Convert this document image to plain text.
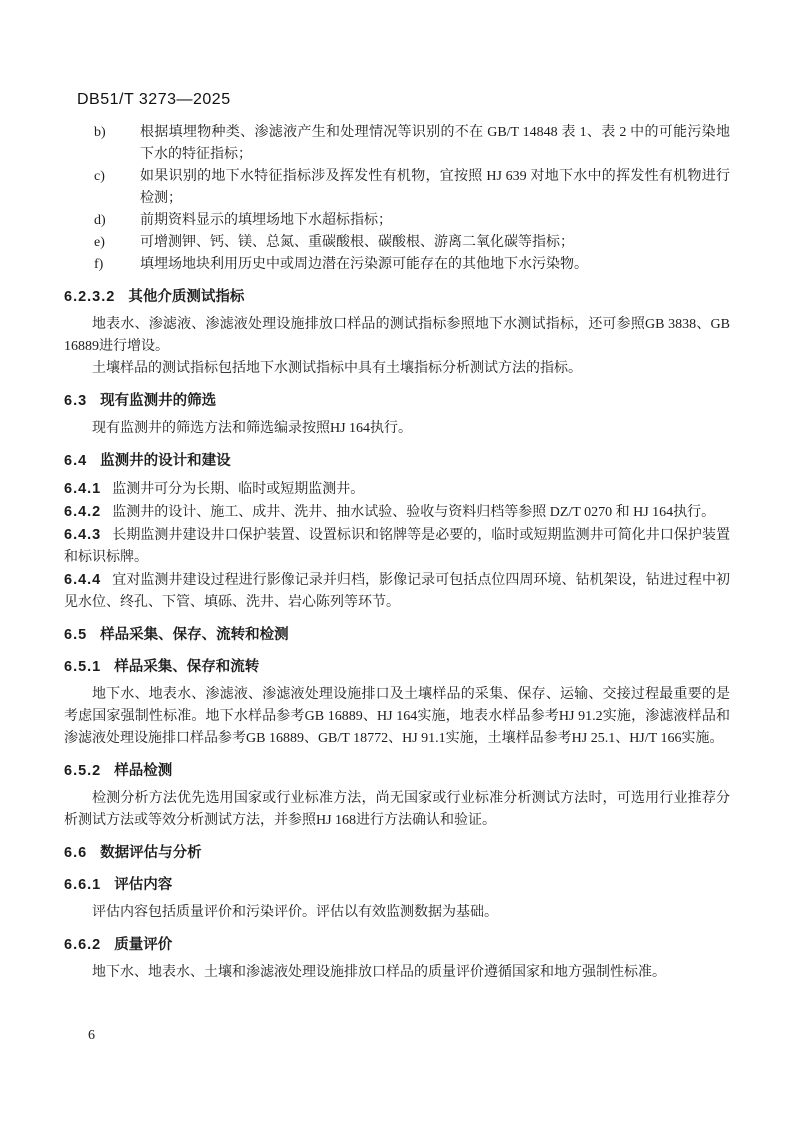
DB51/T 3273—2025
b)	根据填埋物种类、渗滤液产生和处理情况等识别的不在 GB/T 14848 表 1、表 2 中的可能污染地下水的特征指标；
c)	如果识别的地下水特征指标涉及挥发性有机物，宜按照 HJ 639 对地下水中的挥发性有机物进行检测；
d)	前期资料显示的填埋场地下水超标指标；
e)	可增测钾、钙、镁、总氮、重碳酸根、碳酸根、游离二氧化碳等指标；
f)	填埋场地块利用历史中或周边潜在污染源可能存在的其他地下水污染物。
6.2.3.2 其他介质测试指标
地表水、渗滤液、渗滤液处理设施排放口样品的测试指标参照地下水测试指标，还可参照GB 3838、GB 16889进行增设。
土壤样品的测试指标包括地下水测试指标中具有土壤指标分析测试方法的指标。
6.3 现有监测井的筛选
现有监测井的筛选方法和筛选编录按照HJ 164执行。
6.4 监测井的设计和建设
6.4.1 监测井可分为长期、临时或短期监测井。
6.4.2 监测井的设计、施工、成井、洗井、抽水试验、验收与资料归档等参照 DZ/T 0270 和 HJ 164执行。
6.4.3 长期监测井建设井口保护装置、设置标识和铭牌等是必要的，临时或短期监测井可简化井口保护装置和标识标牌。
6.4.4 宜对监测井建设过程进行影像记录并归档，影像记录可包括点位四周环境、钻机架设，钻进过程中初见水位、终孔、下管、填砾、洗井、岩心陈列等环节。
6.5 样品采集、保存、流转和检测
6.5.1 样品采集、保存和流转
地下水、地表水、渗滤液、渗滤液处理设施排口及土壤样品的采集、保存、运输、交接过程最重要的是考虑国家强制性标准。地下水样品参考GB 16889、HJ 164实施，地表水样品参考HJ 91.2实施，渗滤液样品和渗滤液处理设施排口样品参考GB 16889、GB/T 18772、HJ 91.1实施，土壤样品参考HJ 25.1、HJ/T 166实施。
6.5.2 样品检测
检测分析方法优先选用国家或行业标准方法，尚无国家或行业标准分析测试方法时，可选用行业推荐分析测试方法或等效分析测试方法，并参照HJ 168进行方法确认和验证。
6.6 数据评估与分析
6.6.1 评估内容
评估内容包括质量评价和污染评价。评估以有效监测数据为基础。
6.6.2 质量评价
地下水、地表水、土壤和渗滤液处理设施排放口样品的质量评价遵循国家和地方强制性标准。
6
